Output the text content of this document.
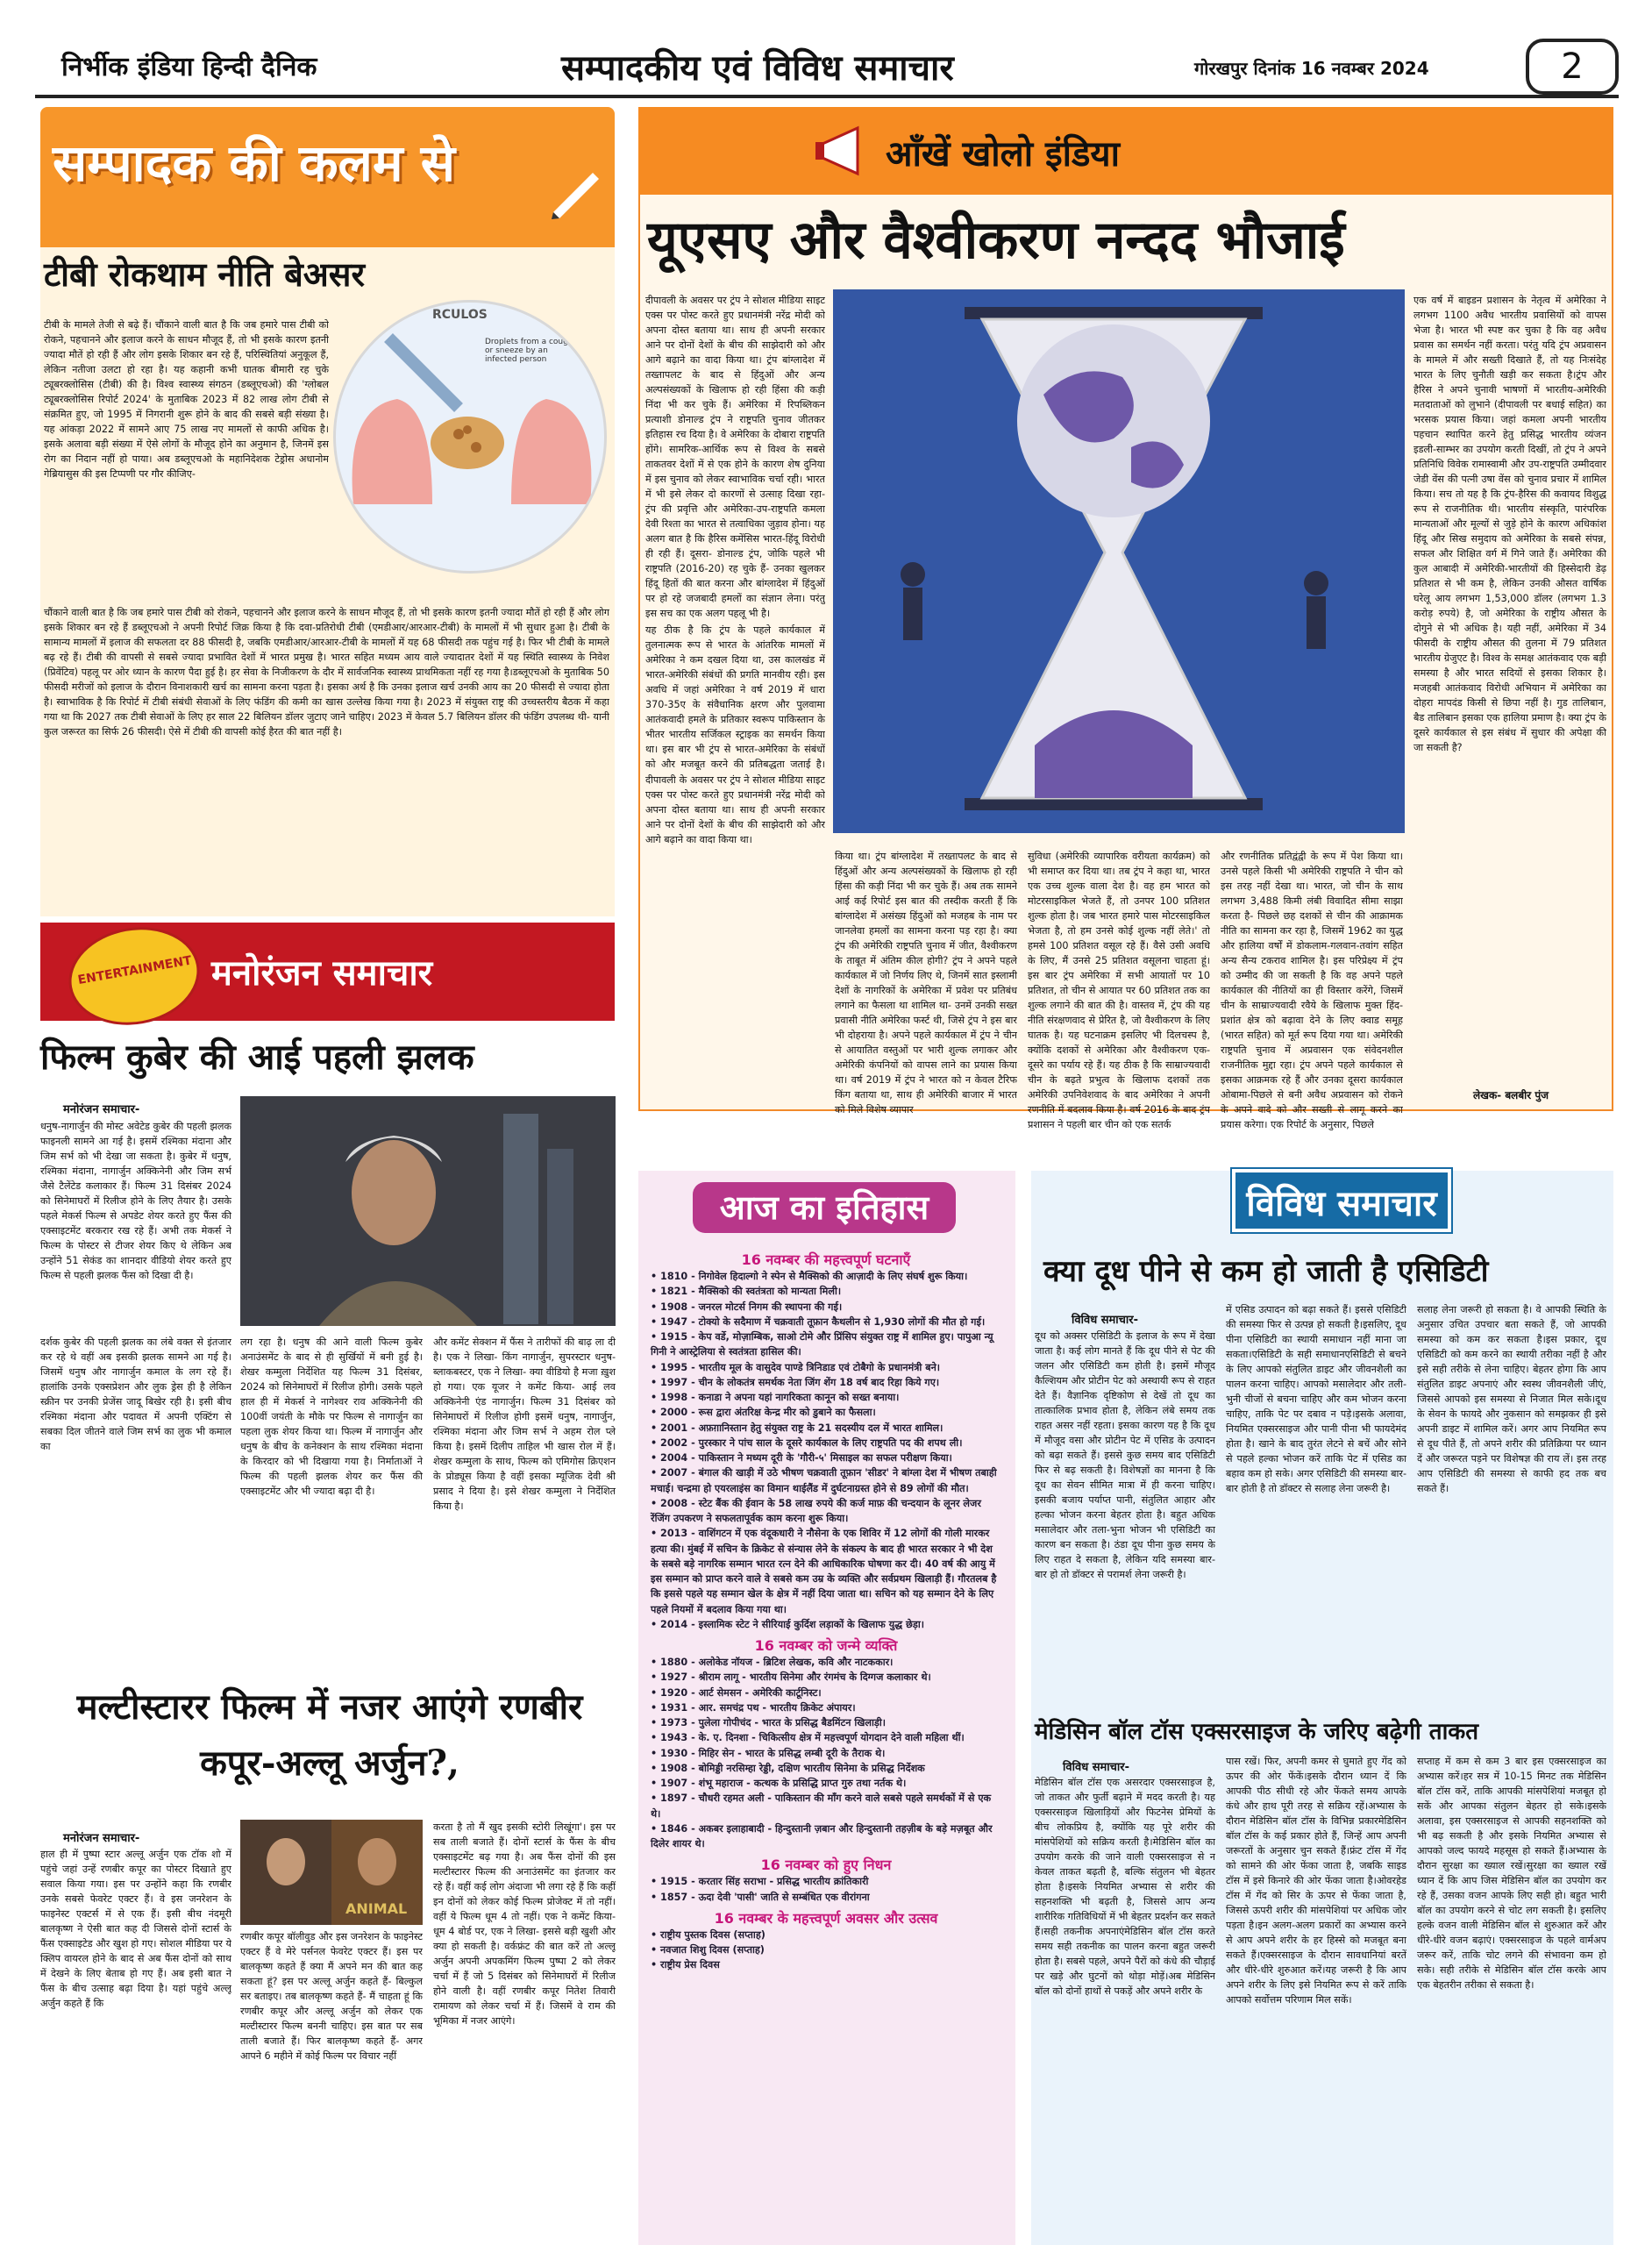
निर्भीक इंडिया हिन्दी दैनिक	सम्पादकीय एवं विविध समाचार	गोरखपुर दिनांक 16 नवम्बर 2024	2
सम्पादक की कलम से
टीबी रोकथाम नीति बेअसर

टीबी के मामले तेजी से बढ़े हैं। चौंकाने वाली बात है कि जब हमारे पास टीबी को रोकने, पहचानने और इलाज करने के साधन मौजूद हैं, तो भी इसके कारण इतनी ज्यादा मौतें हो रही हैं और लोग इसके शिकार बन रहे हैं, परिस्थितियां अनुकूल हैं, लेकिन नतीजा उलटा हो रहा है। यह कहानी कभी घातक बीमारी रह चुके ट्यूबरक्लोसिस (टीबी) की है। विश्व स्वास्थ्य संगठन (डब्लूएचओ) की 'ग्लोबल ट्यूबरक्लोसिस रिपोर्ट 2024' के मुताबिक 2023 में 82 लाख लोग टीबी से संक्रमित हुए, जो 1995 में निगरानी शुरू होने के बाद की सबसे बड़ी संख्या है। यह आंकड़ा 2022 में सामने आए 75 लाख नए मामलों से काफी अधिक है। इसके अलावा बड़ी संख्या में ऐसे लोगों के मौजूद होने का अनुमान है, जिनमें इस रोग का निदान नहीं हो पाया। अब डब्लूएचओ के महानिदेशक टेड्रोस अधानोम गेब्रियासुस की इस टिप्पणी पर गौर कीजिए-

Droplets from a cough or sneeze by an infected person
RCULOS

चौंकाने वाली बात है कि जब हमारे पास टीबी को रोकने, पहचानने और इलाज करने के साधन मौजूद हैं, तो भी इसके कारण इतनी ज्यादा मौतें हो रही हैं और लोग इसके शिकार बन रहे हैं डब्लूएचओ ने अपनी रिपोर्ट जिक्र किया है कि दवा-प्रतिरोधी टीबी (एमडीआर/आरआर-टीबी) के मामलों में भी सुधार हुआ है। टीबी के सामान्य मामलों में इलाज की सफलता दर 88 फीसदी है, जबकि एमडीआर/आरआर-टीबी के मामलों में यह 68 फीसदी तक पहुंच गई है। फिर भी टीबी के मामले बढ़ रहे हैं। टीबी की वापसी से सबसे ज्यादा प्रभावित देशों में भारत प्रमुख है। भारत सहित मध्यम आय वाले ज्यादातर देशों में यह स्थिति स्वास्थ्य के निवेश (प्रिवेंटिव) पहलू पर ओर ध्यान के कारण पैदा हुई है। हर सेवा के निजीकरण के दौर में सार्वजनिक स्वास्थ्य प्राथमिकता नहीं रह गया है।डब्लूएचओ के मुताबिक 50 फीसदी मरीजों को इलाज के दौरान विनाशकारी खर्च का सामना करना पड़ता है। इसका अर्थ है कि उनका इलाज खर्च उनकी आय का 20 फीसदी से ज्यादा होता है। स्वाभाविक है कि रिपोर्ट में टीबी संबंधी सेवाओं के लिए फंडिंग की कमी का खास उल्लेख किया गया है। 2023 में संयुक्त राष्ट्र की उच्चस्तरीय बैठक में कहा गया था कि 2027 तक टीबी सेवाओं के लिए हर साल 22 बिलियन डॉलर जुटाए जाने चाहिए। 2023 में केवल 5.7 बिलियन डॉलर की फंडिंग उपलब्ध थी- यानी कुल जरूरत का सिर्फ 26 फीसदी। ऐसे में टीबी की वापसी कोई हैरत की बात नहीं है।

मनोरंजन समाचार
ENTERTAINMENT
फिल्म कुबेर की आई पहली झलक
मनोरंजन समाचार-

धनुष-नागार्जुन की मोस्ट अवेटेड कुबेर की पहली झलक फाइनली सामने आ गई है। इसमें रश्मिका मंदाना और जिम सर्भ को भी देखा जा सकता है। कुबेर में धनुष, रश्मिका मंदाना, नागार्जुन अक्किनेनी और जिम सर्भ जैसे टैलेंटेड कलाकार हैं। फिल्म 31 दिसंबर 2024 को सिनेमाघरों में रिलीज होने के लिए तैयार है। उसके पहले मेकर्स फिल्म से अपडेट शेयर करते हुए फैंस की एक्साइटमेंट बरकरार रख रहे हैं। अभी तक मेकर्स ने फिल्म के पोस्टर से टीजर शेयर किए थे लेकिन अब उन्होंने 51 सेकंड का शानदार वीडियो शेयर करते हुए फिल्म से पहली झलक फैंस को दिखा दी है।

दर्शक कुबेर की पहली झलक का लंबे वक्त से इंतजार कर रहे थे वहीं अब इसकी झलक सामने आ गई है। जिसमें धनुष और नागार्जुन कमाल के लग रहे हैं। हालांकि उनके एक्सप्रेशन और लुक ड्रेस ही है लेकिन स्क्रीन पर उनकी प्रेजेंस जादू बिखेर रही है। इसी बीच रश्मिका मंदाना और पदावत में अपनी एक्टिंग से सबका दिल जीतने वाले जिम सर्भ का लुक भी कमाल का

लग रहा है। धनुष की आने वाली फिल्म कुबेर अनाउंसमेंट के बाद से ही सुर्खियों में बनी हुई है। शेखर कम्मुला निर्देशित यह फिल्म 31 दिसंबर, 2024 को सिनेमाघरों में रिलीज होगी। उसके पहले हाल ही में मेकर्स ने नागेश्वर राव अक्किनेनी की 100वीं जयंती के मौके पर फिल्म से नागार्जुन का पहला लुक शेयर किया था। फिल्म में नागार्जुन और धनुष के बीच के कनेक्शन के साथ रश्मिका मंदाना के किरदार को भी दिखाया गया है। निर्माताओं ने फिल्म की पहली झलक शेयर कर फैंस की एक्साइटमेंट और भी ज्यादा बढ़ा दी है।

और कमेंट सेक्शन में फैंस ने तारीफों की बाढ़ ला दी है। एक ने लिखा- किंग नागार्जुन, सुपरस्टार धनुष- ब्लाकबस्टर, एक ने लिखा- क्या वीडियो है मजा ख़ुश हो गया। एक यूजर ने कमेंट किया- आई लव अक्किनेनी एंड नागार्जुन। फिल्म 31 दिसंबर को सिनेमाघरों में रिलीज होगी इसमें धनुष, नागार्जुन, रश्मिका मंदाना और जिम सर्भ ने अहम रोल प्ले किया है। इसमें दिलीप ताहिल भी खास रोल में हैं। शेखर कम्मुला के साथ, फिल्म को एमिगोस क्रिएशन के प्रोड्यूस किया है वहीं इसका म्यूजिक देवी श्री प्रसाद ने दिया है। इसे शेखर कम्मुला ने निर्देशित किया है।

मल्टीस्टारर फिल्म में नजर आएंगे रणबीर कपूर-अल्लू अर्जुन?,
मनोरंजन समाचार-

हाल ही में पुष्पा स्टार अल्लू अर्जुन एक टॉक शो में पहुंचे जहां उन्हें रणबीर कपूर का पोस्टर दिखाते हुए सवाल किया गया। इस पर उन्होंने कहा कि रणबीर उनके सबसे फेवरेट एक्टर हैं। वे इस जनरेशन के फाइनेस्ट एक्टर्स में से एक हैं। इसी बीच नंदमूरी बालकृष्ण ने ऐसी बात कह दी जिससे दोनों स्टार्स के फैंस एक्साइटेड और खुश हो गए। सोशल मीडिया पर ये क्लिप वायरल होने के बाद से अब फैंस दोनों को साथ में देखने के लिए बेताब हो गए हैं। अब इसी बात ने फैंस के बीच उत्साह बढ़ा दिया है। यहां पहुंचे अल्लू अर्जुन कहते हैं कि

ANIMAL

रणबीर कपूर बॉलीवुड और इस जनरेशन के फाइनेस्ट एक्टर हैं वे मेरे पर्सनल फेवरेट एक्टर हैं। इस पर बालकृष्ण कहते हैं क्या मैं अपने मन की बात कह सकता हूं? इस पर अल्लू अर्जुन कहते हैं- बिल्कुल सर बताइए। तब बालकृष्ण कहते हैं- मैं चाहता हूं कि रणबीर कपूर और अल्लू अर्जुन को लेकर एक मल्टीस्टारर फिल्म बननी चाहिए। इस बात पर सब ताली बजाते हैं। फिर बालकृष्ण कहते हैं- अगर आपने 6 महीने में कोई फिल्म पर विचार नहीं

करता है तो मैं खुद इसकी स्टोरी लिखूंगा'। इस पर सब ताली बजाते हैं। दोनों स्टार्स के फैंस के बीच एक्साइटमेंट बढ़ गया है। अब फैंस दोनों की इस मल्टीस्टारर फिल्म की अनाउंसमेंट का इंतजार कर रहे हैं। वहीं कई लोग अंदाजा भी लगा रहे हैं कि कहीं इन दोनों को लेकर कोई फिल्म प्रोजेक्ट में तो नहीं। वहीं ये फिल्म धूम 4 तो नहीं। एक ने कमेंट किया- धूम 4 बोर्ड पर, एक ने लिखा- इससे बड़ी खुशी और क्या हो सकती है। वर्कफ्रंट की बात करें तो अल्लू अर्जुन अपनी अपकमिंग फिल्म पुष्पा 2 को लेकर चर्चा में हैं जो 5 दिसंबर को सिनेमाघरों में रिलीज होने वाली है। वहीं रणबीर कपूर नितेश तिवारी रामायण को लेकर चर्चा में हैं। जिसमें वे राम की भूमिका में नजर आएंगे।

आँखें खोलो इंडिया
यूएसए और वैश्वीकरण नन्दद भौजाई

दीपावली के अवसर पर ट्रंप ने सोशल मीडिया साइट एक्स पर पोस्ट करते हुए प्रधानमंत्री नरेंद्र मोदी को अपना दोस्त बताया था। साथ ही अपनी सरकार आने पर दोनों देशों के बीच की साझेदारी को और आगे बढ़ाने का वादा किया था। ट्रंप बांग्लादेश में तख्तापलट के बाद से हिंदुओं और अन्य अल्पसंख्यकों के खिलाफ हो रही हिंसा की कड़ी निंदा भी कर चुके हैं। अमेरिका में रिपब्लिकन प्रत्याशी डोनाल्ड ट्रंप ने राष्ट्रपति चुनाव जीतकर इतिहास रच दिया है। वे अमेरिका के दोबारा राष्ट्रपति होंगे। सामरिक-आर्थिक रूप से विश्व के सबसे ताकतवर देशों में से एक होने के कारण शेष दुनिया में इस चुनाव को लेकर स्वाभाविक चर्चा रही। भारत में भी इसे लेकर दो कारणों से उत्साह दिखा रहा- ट्रंप की प्रवृत्ति और अमेरिका-उप-राष्ट्रपति कमला देवी रिश्ता का भारत से तत्वाधिका जुड़ाव होना। यह अलग बात है कि हैरिस कमेंसिस भारत-हिंदू विरोधी ही रही हैं। दूसरा- डोनाल्ड ट्रंप, जोकि पहले भी राष्ट्रपति (2016-20) रह चुके हैं- उनका खुलकर हिंदू हितों की बात करना और बांग्लादेश में हिंदुओं पर हो रहे जजबादी हमलों का संज्ञान लेना। परंतु इस सच का एक अलग पहलू भी है।

यह ठीक है कि ट्रंप के पहले कार्यकाल में तुलनात्मक रूप से भारत के आंतरिक मामलों में अमेरिका ने कम दखल दिया था, उस कालखंड में भारत-अमेरिकी संबंधों की प्रगति मानवीय रही। इस अवधि में जहां अमेरिका ने वर्ष 2019 में धारा 370-35ए के संवैधानिक क्षरण और पुलवामा आतंकवादी हमले के प्रतिकार स्वरूप पाकिस्तान के भीतर भारतीय सर्जिकल स्ट्राइक का समर्थन किया था। इस बार भी ट्रंप से भारत-अमेरिका के संबंधों को और मजबूत करने की प्रतिबद्धता जताई है। दीपावली के अवसर पर ट्रंप ने सोशल मीडिया साइट एक्स पर पोस्ट करते हुए प्रधानमंत्री नरेंद्र मोदी को अपना दोस्त बताया था। साथ ही अपनी सरकार आने पर दोनों देशों के बीच की साझेदारी को और आगे बढ़ाने का वादा किया था।

किया था। ट्रंप बांग्लादेश में तख्तापलट के बाद से हिंदुओं और अन्य अल्पसंख्यकों के खिलाफ हो रही हिंसा की कड़ी निंदा भी कर चुके हैं। अब तक सामने आई कई रिपोर्ट इस बात की तस्दीक करती हैं कि बांग्लादेश में असंख्य हिंदुओं को मजहब के नाम पर जानलेवा हमलों का सामना करना पड़ रहा है। क्या ट्रंप की अमेरिकी राष्ट्रपति चुनाव में जीत, वैश्वीकरण के ताबूत में अंतिम कील होगी? ट्रंप ने अपने पहले कार्यकाल में जो निर्णय लिए थे, जिनमें सात इस्लामी देशों के नागरिकों के अमेरिका में प्रवेश पर प्रतिबंध लगाने का फैसला था शामिल था- उनमें उनकी सख्त प्रवासी नीति अमेरिका फर्स्ट थी, जिसे ट्रंप ने इस बार भी दोहराया है। अपने पहले कार्यकाल में ट्रंप ने चीन से आयातित वस्तुओं पर भारी शुल्क लगाकर और अमेरिकी कंपनियों को वापस लाने का प्रयास किया था। वर्ष 2019 में ट्रंप ने भारत को न केवल टैरिफ किंग बताया था, साथ ही अमेरिकी बाजार में भारत को मिले विशेष व्यापार

सुविधा (अमेरिकी व्यापारिक वरीयता कार्यक्रम) को भी समाप्त कर दिया था। तब ट्रंप ने कहा था, भारत एक उच्च शुल्क वाला देश है। वह हम भारत को मोटरसाइकिल भेजते हैं, तो उनपर 100 प्रतिशत शुल्क होता है। जब भारत हमारे पास मोटरसाइकिल भेजता है, तो हम उनसे कोई शुल्क नहीं लेते।' तो हमसे 100 प्रतिशत वसूल रहे हैं। वैसे उसी अवधि के लिए, मैं उनसे 25 प्रतिशत वसूलना चाहता हूं। इस बार ट्रंप अमेरिका में सभी आयातों पर 10 प्रतिशत, तो चीन से आयात पर 60 प्रतिशत तक का शुल्क लगाने की बात की है। वास्तव में, ट्रंप की यह नीति संरक्षणवाद से प्रेरित है, जो वैश्वीकरण के लिए घातक है। यह घटनाक्रम इसलिए भी दिलचस्प है, क्योंकि दशकों से अमेरिका और वैश्वीकरण एक-दूसरे का पर्याय रहे हैं। यह ठीक है कि साम्राज्यवादी चीन के बढ़ते प्रभुत्व के खिलाफ दशकों तक अमेरिकी उपनिवेशवाद के बाद अमेरिका ने अपनी रणनीति में बदलाव किया है। वर्ष 2016 के बाद ट्रंप प्रशासन ने पहली बार चीन को एक सतर्क

और रणनीतिक प्रतिद्वंद्वी के रूप में पेश किया था। उनसे पहले किसी भी अमेरिकी राष्ट्रपति ने चीन को इस तरह नहीं देखा था। भारत, जो चीन के साथ लगभग 3,488 किमी लंबी विवादित सीमा साझा करता है- पिछले छह दशकों से चीन की आक्रामक नीति का सामना कर रहा है, जिसमें 1962 का युद्ध और हालिया वर्षों में डोकलाम-गलवान-तवांग सहित अन्य सैन्य टकराव शामिल है। इस परिप्रेक्ष्य में ट्रंप को उम्मीद की जा सकती है कि वह अपने पहले कार्यकाल की नीतियों का ही विस्तार करेंगे, जिसमें चीन के साम्राज्यवादी रवैये के खिलाफ मुक्त हिंद-प्रशांत क्षेत्र को बढ़ावा देने के लिए क्वाड समूह (भारत सहित) को मूर्त रूप दिया गया था। अमेरिकी राष्ट्रपति चुनाव में अप्रवासन एक संवेदनशील राजनीतिक मुद्दा रहा। ट्रंप अपने पहले कार्यकाल से इसका आक्रमक रहे हैं और उनका दूसरा कार्यकाल ओबामा-पिछले से बनी अवैध अप्रवासन को रोकने के अपने वादे को और सख्ती से लागू करने का प्रयास करेगा। एक रिपोर्ट के अनुसार, पिछले

एक वर्ष में बाइडन प्रशासन के नेतृत्व में अमेरिका ने लगभग 1100 अवैध भारतीय प्रवासियों को वापस भेजा है। भारत भी स्पष्ट कर चुका है कि वह अवैध प्रवास का समर्थन नहीं करता। परंतु यदि ट्रंप अप्रवासन के मामले में और सख्ती दिखाते हैं, तो यह निःसंदेह भारत के लिए चुनौती खड़ी कर सकता है।ट्रंप और हैरिस ने अपने चुनावी भाषणों में भारतीय-अमेरिकी मतदाताओं को लुभाने (दीपावली पर बधाई सहित) का भरसक प्रयास किया। जहां कमला अपनी भारतीय पहचान स्थापित करने हेतु प्रसिद्ध भारतीय व्यंजन इडली-साम्भर का उपयोग करती दिखीं, तो ट्रंप ने अपने प्रतिनिधि विवेक रामास्वामी और उप-राष्ट्रपति उम्मीदवार जेडी वेंस की पत्नी उषा वेंस को चुनाव प्रचार में शामिल किया। सच तो यह है कि ट्रंप-हैरिस की कवायद विशुद्ध रूप से राजनीतिक थी। भारतीय संस्कृति, पारंपरिक मान्यताओं और मूल्यों से जुड़े होने के कारण अधिकांश हिंदू और सिख समुदाय को अमेरिका के सबसे संपन्न, सफल और शिक्षित वर्ग में गिने जाते हैं। अमेरिका की कुल आबादी में अमेरिकी-भारतीयों की हिस्सेदारी डेढ़ प्रतिशत से भी कम है, लेकिन उनकी औसत वार्षिक घरेलू आय लगभग 1,53,000 डॉलर (लगभग 1.3 करोड़ रुपये) है, जो अमेरिका के राष्ट्रीय औसत के दोगुने से भी अधिक है। यही नहीं, अमेरिका में 34 फीसदी के राष्ट्रीय औसत की तुलना में 79 प्रतिशत भारतीय ग्रेजुएट है। विश्व के समक्ष आतंकवाद एक बड़ी समस्या है और भारत सदियों से इसका शिकार है। मजहबी आतंकवाद विरोधी अभियान में अमेरिका का दोहरा मापदंड किसी से छिपा नहीं है। गुड तालिबान, बैड तालिबान इसका एक हालिया प्रमाण है। क्या ट्रंप के दूसरे कार्यकाल से इस संबंध में सुधार की अपेक्षा की जा सकती है?

लेखक- बलबीर पुंज
आज का इतिहास
16 नवम्बर की महत्त्वपूर्ण घटनाएँ
• 1810 - निगोवेल हिदाल्गो ने स्पेन से मैक्सिको की आज़ादी के लिए संघर्ष शुरू किया।
• 1821 - मैक्सिको की स्वतंत्रता को मान्यता मिली।
• 1908 - जनरल मोटर्स निगम की स्थापना की गई।
• 1947 - टोक्यो के सदैमाण में चक्रवाती तूफ़ान कैथलीन से 1,930 लोगों की मौत हो गई।
• 1915 - केप वर्डे, मोज़ाम्बिक, साओ टोमे और प्रिंसिप संयुक्त राष्ट्र में शामिल हुए। पापुआ न्यू गिनी ने आस्ट्रेलिया से स्वतंत्रता हासिल की।
• 1995 - भारतीय मूल के वासुदेव पाण्डे त्रिनिडाड एवं टोबैगो के प्रधानमंत्री बने।
• 1997 - चीन के लोकतंत्र समर्थक नेता जिंग शेंग 18 वर्ष बाद रिहा किये गए।
• 1998 - कनाडा ने अपना यहां नागरिकता कानून को सख्त बनाया।
• 2000 - रूस द्वारा अंतरिक्ष केन्द्र मीर को डुबाने का फैसला।
• 2001 - अफ़ग़ानिस्तान हेतु संयुक्त राष्ट्र के 21 सदस्यीय दल में भारत शामिल।
• 2002 - पुरस्कार ने पांच साल के दूसरे कार्यकाल के लिए राष्ट्रपति पद की शपथ ली।
• 2004 - पाकिस्तान ने मध्यम दूरी के 'गौरी-५' मिसाइल का सफल परीक्षण किया।
• 2007 - बंगाल की खाड़ी में उठे भीषण चक्रवाती तूफ़ान 'सीडर' ने बांग्ला देश में भीषण तबाही मचाई। चन्द्रमा हो एयरलाइंस का विमान थाईलैंड में दुर्घटनाग्रस्त होने से 89 लोगों की मौत।
• 2008 - स्टेट बैंक की ईवान के 58 लाख रुपये की कर्ज माफ़ की चन्दयान के लूनर लेजर रेंजिंग उपकरण ने सफलतापूर्वक काम करना शुरू किया।
• 2013 - वाशिंगटन में एक वंदूकधारी ने नौसेना के एक शिविर में 12 लोगों की गोली मारकर हत्या की। मुंबई में सचिन के क्रिकेट से संन्यास लेने के संकल्प के बाद ही भारत सरकार ने भी देश के सबसे बड़े नागरिक सम्मान भारत रत्न देने की आधिकारिक घोषणा कर दी। 40 वर्ष की आयु में इस सम्मान को प्राप्त करने वाले वे सबसे कम उम्र के व्यक्ति और सर्वप्रथम खिलाड़ी हैं। गौरतलब है कि इससे पहले यह सम्मान खेल के क्षेत्र में नहीं दिया जाता था। सचिन को यह सम्मान देने के लिए पहले नियमों में बदलाव किया गया था।
• 2014 - इस्लामिक स्टेट ने सीरियाई कुर्दिश लड़ाकों के खिलाफ युद्ध छेड़ा।
16 नवम्बर को जन्मे व्यक्ति
• 1880 - अलोकेड नॉयज - ब्रिटिश लेखक, कवि और नाटककार।
• 1927 - श्रीराम लागू - भारतीय सिनेमा और रंगमंच के दिग्गज कलाकार थे।
• 1920 - आर्ट सेमसन - अमेरिकी कार्टूनिस्ट।
• 1931 - आर. समचंद्र पथ - भारतीय क्रिकेट अंपायर।
• 1973 - पुलेला गोपीचंद - भारत के प्रसिद्ध बैडमिंटन खिलाड़ी।
• 1943 - के. ए. दिनशा - चिकित्सीय क्षेत्र में महत्त्वपूर्ण योगदान देने वाली महिला थीं।
• 1930 - मिहिर सेन - भारत के प्रसिद्ध लम्बी दूरी के तैराक थे।
• 1908 - बोमिड्डी नरसिम्हा रेड्डी, दक्षिण भारतीय सिनेमा के प्रसिद्ध निर्देशक
• 1907 - शंभू महाराज - कत्थक के प्रसिद्धि प्राप्त गुरु तथा नर्तक थे।
• 1897 - चौधरी रहमत अली - पाकिस्तान की माँग करने वाले सबसे पहले समर्थकों में से एक थे।
• 1846 - अकबर इलाहाबादी - हिन्दुस्तानी ज़बान और हिन्दुस्तानी तहज़ीब के बड़े मज़बूत और दिलेर शायर थे।
16 नवम्बर को हुए निधन
• 1915 - करतार सिंह सराभा - प्रसिद्ध भारतीय क्रांतिकारी
• 1857 - ऊदा देवी 'पासी' जाति से सम्बंधित एक वीरांगना
16 नवम्बर के महत्त्वपूर्ण अवसर और उत्सव
• राष्ट्रीय पुस्तक दिवस (सप्ताह)
• नवजात शिशु दिवस (सप्ताह)
• राष्ट्रीय प्रेस दिवस
विविध समाचार
क्या दूध पीने से कम हो जाती है एसिडिटी
विविध समाचार-

दूध को अक्सर एसिडिटी के इलाज के रूप में देखा जाता है। कई लोग मानते हैं कि दूध पीने से पेट की जलन और एसिडिटी कम होती है। इसमें मौजूद कैल्शियम और प्रोटीन पेट को अस्थायी रूप से राहत देते हैं। वैज्ञानिक दृष्टिकोण से देखें तो दूध का तात्कालिक प्रभाव होता है, लेकिन लंबे समय तक राहत असर नहीं रहता। इसका कारण यह है कि दूध में मौजूद वसा और प्रोटीन पेट में एसिड के उत्पादन को बढ़ा सकते हैं। इससे कुछ समय बाद एसिडिटी फिर से बढ़ सकती है। विशेषज्ञों का मानना है कि दूध का सेवन सीमित मात्रा में ही करना चाहिए। इसकी बजाय पर्याप्त पानी, संतुलित आहार और हल्का भोजन करना बेहतर होता है। बहुत अधिक मसालेदार और तला-भुना भोजन भी एसिडिटी का कारण बन सकता है। ठंडा दूध पीना कुछ समय के लिए राहत दे सकता है, लेकिन यदि समस्या बार-बार हो तो डॉक्टर से परामर्श लेना जरूरी है।

में एसिड उत्पादन को बढ़ा सकते हैं। इससे एसिडिटी की समस्या फिर से उत्पन्न हो सकती है।इसलिए, दूध पीना एसिडिटी का स्थायी समाधान नहीं माना जा सकता।एसिडिटी के सही समाधानएसिडिटी से बचने के लिए आपको संतुलित डाइट और जीवनशैली का पालन करना चाहिए। आपको मसालेदार और तली-भुनी चीजों से बचना चाहिए और कम भोजन करना चाहिए, ताकि पेट पर दबाव न पड़े।इसके अलावा, नियमित एक्सरसाइज और पानी पीना भी फायदेमंद होता है। खाने के बाद तुरंत लेटने से बचें और सोने से पहले हल्का भोजन करें ताकि पेट में एसिड का बहाव कम हो सके। अगर एसिडिटी की समस्या बार-बार होती है तो डॉक्टर से सलाह लेना जरूरी है।

सलाह लेना जरूरी हो सकता है। वे आपकी स्थिति के अनुसार उचित उपचार बता सकते हैं, जो आपकी समस्या को कम कर सकता है।इस प्रकार, दूध एसिडिटी को कम करने का स्थायी तरीका नहीं है और इसे सही तरीके से लेना चाहिए। बेहतर होगा कि आप संतुलित डाइट अपनाएं और स्वस्थ जीवनशैली जीएं, जिससे आपको इस समस्या से निजात मिल सके।दूध के सेवन के फायदे और नुकसान को समझकर ही इसे अपनी डाइट में शामिल करें। अगर आप नियमित रूप से दूध पीते हैं, तो अपने शरीर की प्रतिक्रिया पर ध्यान दें और जरूरत पड़ने पर विशेषज्ञ की राय लें। इस तरह आप एसिडिटी की समस्या से काफी हद तक बच सकते हैं।

मेडिसिन बॉल टॉस एक्सरसाइज के जरिए बढ़ेगी ताकत
विविध समाचार-

मेडिसिन बॉल टॉस एक असरदार एक्सरसाइज है, जो ताकत और फुर्ती बढ़ाने में मदद करती है। यह एक्सरसाइज खिलाड़ियों और फिटनेस प्रेमियों के बीच लोकप्रिय है, क्योंकि यह पूरे शरीर की मांसपेशियों को सक्रिय करती है।मेडिसिन बॉल का उपयोग करके की जाने वाली एक्सरसाइज से न केवल ताकत बढ़ती है, बल्कि संतुलन भी बेहतर होता है।इसके नियमित अभ्यास से शरीर की सहनशक्ति भी बढ़ती है, जिससे आप अन्य शारीरिक गतिविधियों में भी बेहतर प्रदर्शन कर सकते हैं।सही तकनीक अपनाएंमेडिसिन बॉल टॉस करते समय सही तकनीक का पालन करना बहुत जरूरी होता है। सबसे पहले, अपने पैरों को कंधे की चौड़ाई पर खड़े और घुटनों को थोड़ा मोड़ें।अब मेडिसिन बॉल को दोनों हाथों से पकड़ें और अपने शरीर के

पास रखें। फिर, अपनी कमर से घुमाते हुए गेंद को ऊपर की ओर फेंकें।इसके दौरान ध्यान दें कि आपकी पीठ सीधी रहे और फेंकते समय आपके कंधे और हाथ पूरी तरह से सक्रिय रहें।अभ्यास के दौरान मेडिसिन बॉल टॉस के विभिन्न प्रकारमेडिसिन बॉल टॉस के कई प्रकार होते हैं, जिन्हें आप अपनी जरूरतों के अनुसार चुन सकते हैं।फ्रंट टॉस में गेंद को सामने की ओर फेंका जाता है, जबकि साइड टॉस में इसे किनारे की ओर फेंका जाता है।ओवरहेड टॉस में गेंद को सिर के ऊपर से फेंका जाता है, जिससे ऊपरी शरीर की मांसपेशियां पर अधिक जोर पड़ता है।इन अलग-अलग प्रकारों का अभ्यास करने से आप अपने शरीर के हर हिस्से को मजबूत बना सकते हैं।एक्सरसाइज के दौरान सावधानियां बरतें और धीरे-धीरे शुरुआत करें।यह जरूरी है कि आप अपने शरीर के लिए इसे नियमित रूप से करें ताकि आपको सर्वोत्तम परिणाम मिल सकें।

सप्ताह में कम से कम 3 बार इस एक्सरसाइज का अभ्यास करें।हर सत्र में 10-15 मिनट तक मेडिसिन बॉल टॉस करें, ताकि आपकी मांसपेशियां मजबूत हो सकें और आपका संतुलन बेहतर हो सके।इसके अलावा, इस एक्सरसाइज से आपकी सहनशक्ति को भी बढ़ सकती है और इसके नियमित अभ्यास से आपको जल्द फायदे महसूस हो सकते हैं।अभ्यास के दौरान सुरक्षा का ख्याल रखें।सुरक्षा का ख्याल रखें ध्यान दें कि आप जिस मेडिसिन बॉल का उपयोग कर रहे हैं, उसका वजन आपके लिए सही हो। बहुत भारी बॉल का उपयोग करने से चोट लग सकती है। इसलिए हल्के वजन वाली मेडिसिन बॉल से शुरुआत करें और धीरे-धीरे वजन बढ़ाएं। एक्सरसाइज के पहले वार्मअप जरूर करें, ताकि चोट लगने की संभावना कम हो सके। सही तरीके से मेडिसिन बॉल टॉस करके आप एक बेहतरीन तरीका से सकता है।
